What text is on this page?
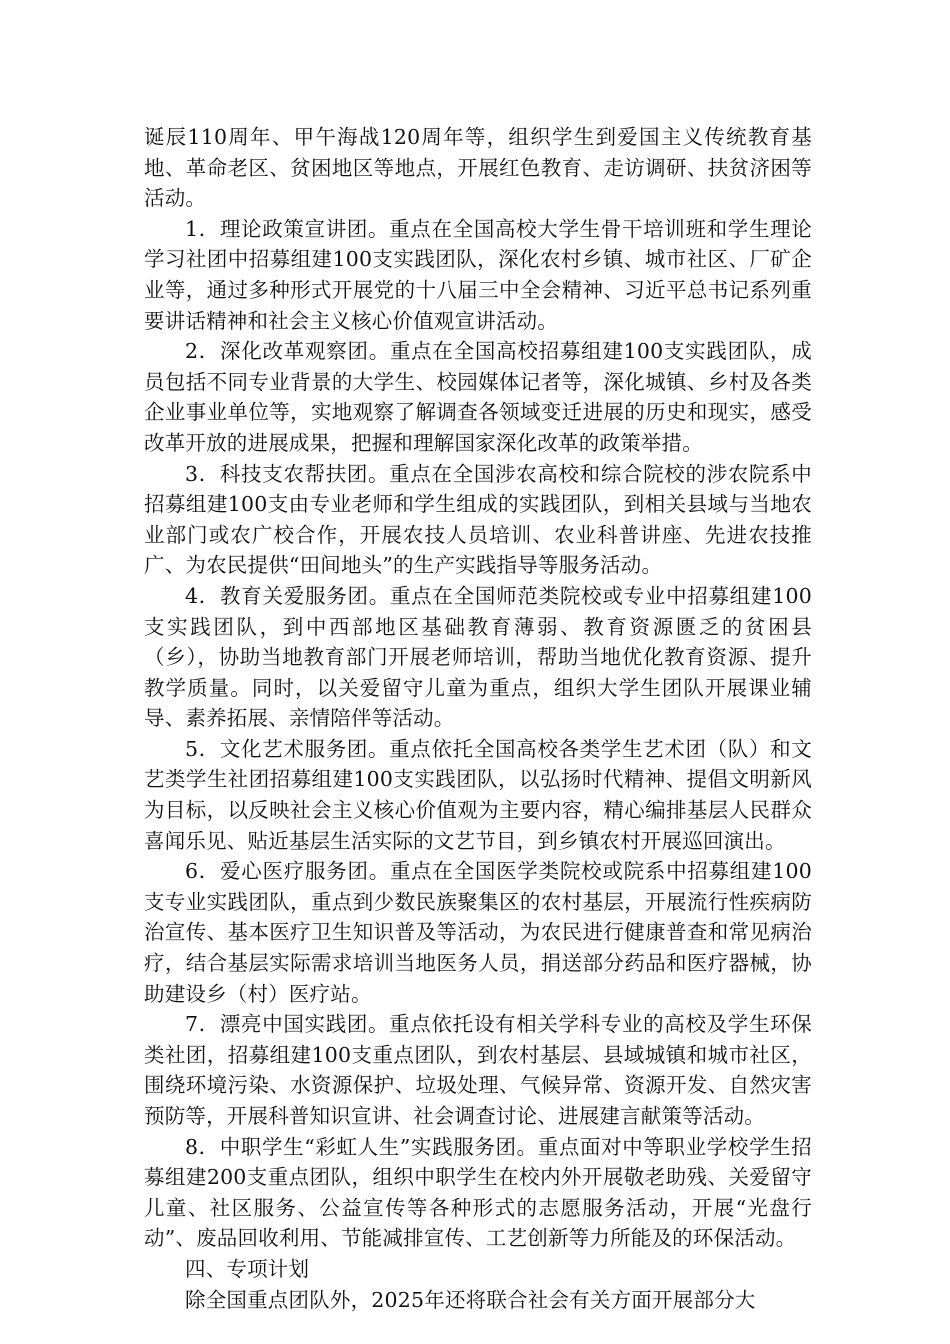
诞辰110周年、甲午海战120周年等，组织学生到爱国主义传统教育基地、革命老区、贫困地区等地点，开展红色教育、走访调研、扶贫济困等活动。

1．理论政策宣讲团。重点在全国高校大学生骨干培训班和学生理论学习社团中招募组建100支实践团队，深化农村乡镇、城市社区、厂矿企业等，通过多种形式开展党的十八届三中全会精神、习近平总书记系列重要讲话精神和社会主义核心价值观宣讲活动。

2．深化改革观察团。重点在全国高校招募组建100支实践团队，成员包括不同专业背景的大学生、校园媒体记者等，深化城镇、乡村及各类企业事业单位等，实地观察了解调查各领域变迁进展的历史和现实，感受改革开放的进展成果，把握和理解国家深化改革的政策举措。

3．科技支农帮扶团。重点在全国涉农高校和综合院校的涉农院系中招募组建100支由专业老师和学生组成的实践团队，到相关县域与当地农业部门或农广校合作，开展农技人员培训、农业科普讲座、先进农技推广、为农民提供“田间地头”的生产实践指导等服务活动。

4．教育关爱服务团。重点在全国师范类院校或专业中招募组建100支实践团队，到中西部地区基础教育薄弱、教育资源匮乏的贫困县（乡），协助当地教育部门开展老师培训，帮助当地优化教育资源、提升教学质量。同时，以关爱留守儿童为重点，组织大学生团队开展课业辅导、素养拓展、亲情陪伴等活动。

5．文化艺术服务团。重点依托全国高校各类学生艺术团（队）和文艺类学生社团招募组建100支实践团队，以弘扬时代精神、提倡文明新风为目标，以反映社会主义核心价值观为主要内容，精心编排基层人民群众喜闻乐见、贴近基层生活实际的文艺节目，到乡镇农村开展巡回演出。

6．爱心医疗服务团。重点在全国医学类院校或院系中招募组建100支专业实践团队，重点到少数民族聚集区的农村基层，开展流行性疾病防治宣传、基本医疗卫生知识普及等活动，为农民进行健康普查和常见病治疗，结合基层实际需求培训当地医务人员，捐送部分药品和医疗器械，协助建设乡（村）医疗站。

7．漂亮中国实践团。重点依托设有相关学科专业的高校及学生环保类社团，招募组建100支重点团队，到农村基层、县域城镇和城市社区，围绕环境污染、水资源保护、垃圾处理、气候异常、资源开发、自然灾害预防等，开展科普知识宣讲、社会调查讨论、进展建言献策等活动。

8．中职学生“彩虹人生”实践服务团。重点面对中等职业学校学生招募组建200支重点团队，组织中职学生在校内外开展敬老助残、关爱留守儿童、社区服务、公益宣传等各种形式的志愿服务活动，开展“光盘行动”、废品回收利用、节能减排宣传、工艺创新等力所能及的环保活动。

四、专项计划

除全国重点团队外，2025年还将联合社会有关方面开展部分大
